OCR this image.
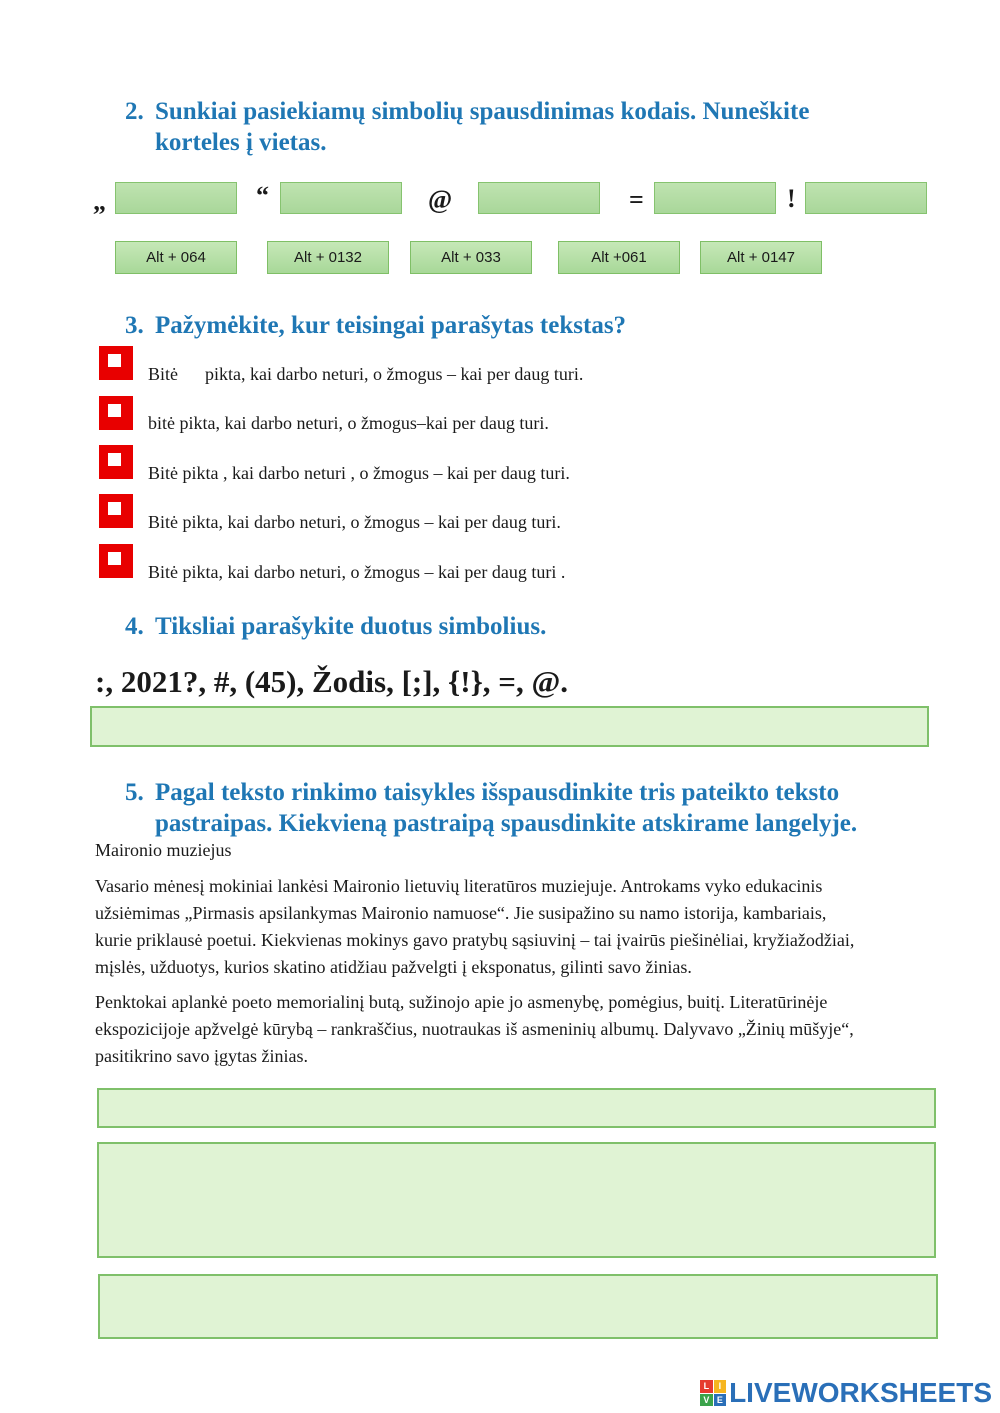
2. Sunkiai pasiekiamų simbolių spausdinimas kodais. Nuneškite
korteles į vietas.
„	“	@	=	!
Alt + 064	Alt + 0132	Alt + 033	Alt +061	Alt + 0147
3. Pažymėkite, kur teisingai parašytas tekstas?
Bitė      pikta, kai darbo neturi, o žmogus – kai per daug turi.
bitė pikta, kai darbo neturi, o žmogus–kai per daug turi.
Bitė pikta , kai darbo neturi , o žmogus – kai per daug turi.
Bitė pikta, kai darbo neturi, o žmogus – kai per daug turi.
Bitė pikta, kai darbo neturi, o žmogus – kai per daug turi .
4. Tiksliai parašykite duotus simbolius.
:, 2021?, #, (45), Žodis, [;], {!}, =, @.
5. Pagal teksto rinkimo taisykles išspausdinkite tris pateikto teksto
pastraipas. Kiekvieną pastraipą spausdinkite atskirame langelyje.
Maironio muziejus
Vasario mėnesį mokiniai lankėsi Maironio lietuvių literatūros muziejuje. Antrokams vyko edukacinis
užsiėmimas „Pirmasis apsilankymas Maironio namuose“. Jie susipažino su namo istorija, kambariais,
kurie priklausė poetui. Kiekvienas mokinys gavo pratybų sąsiuvinį – tai įvairūs piešinėliai, kryžiažodžiai,
mįslės, užduotys, kurios skatino atidžiau pažvelgti į eksponatus, gilinti savo žinias.
Penktokai aplankė poeto memorialinį butą, sužinojo apie jo asmenybę, pomėgius, buitį. Literatūrinėje
ekspozicijoje apžvelgė kūrybą – rankraščius, nuotraukas iš asmeninių albumų. Dalyvavo „Žinių mūšyje“,
pasitikrino savo įgytas žinias.
L	I
V E LIVEWORKSHEETS
